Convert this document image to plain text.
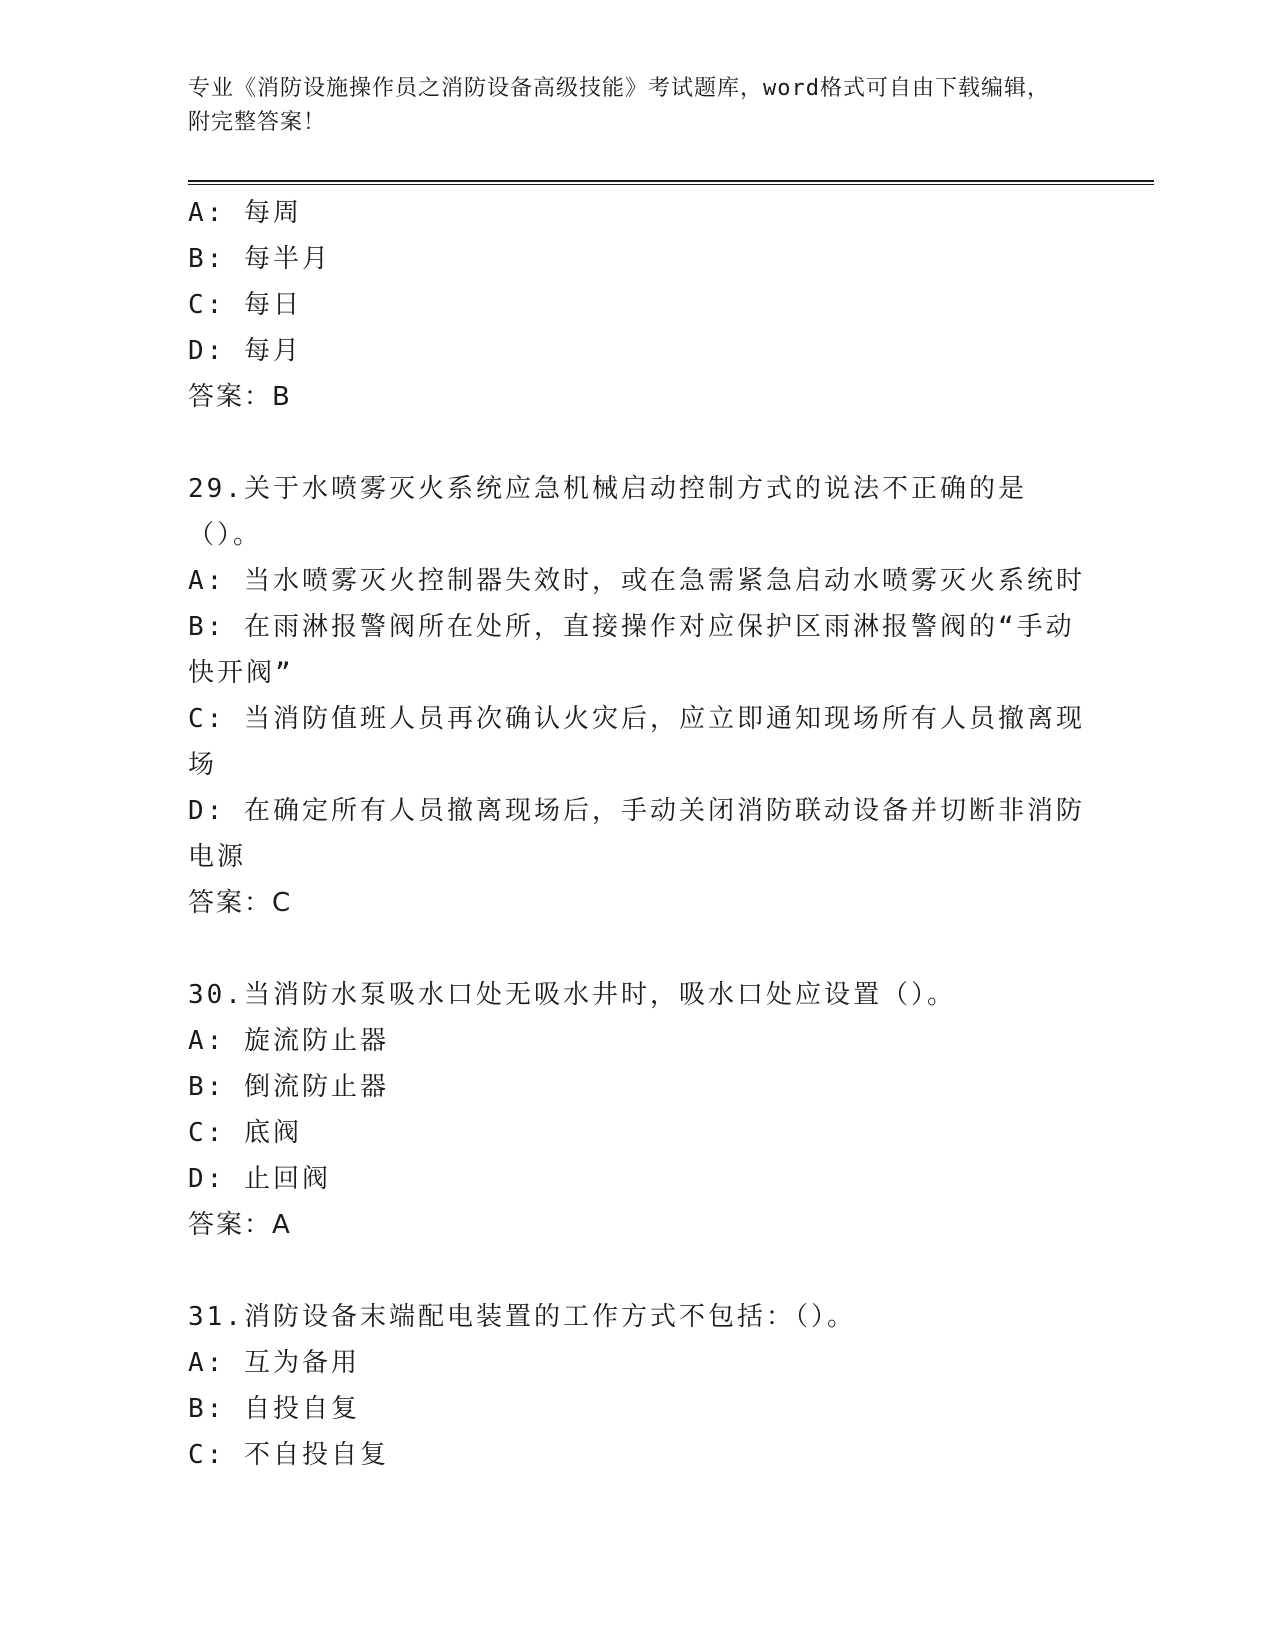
专业《消防设施操作员之消防设备高级技能》考试题库，word格式可自由下载编辑，附完整答案！
A: 每周
B: 每半月
C: 每日
D: 每月
答案：B
29.关于水喷雾灭火系统应急机械启动控制方式的说法不正确的是（）。
A: 当水喷雾灭火控制器失效时，或在急需紧急启动水喷雾灭火系统时
B: 在雨淋报警阀所在处所，直接操作对应保护区雨淋报警阀的“手动快开阀”
C: 当消防值班人员再次确认火灾后，应立即通知现场所有人员撤离现场
D: 在确定所有人员撤离现场后，手动关闭消防联动设备并切断非消防电源
答案：C
30.当消防水泵吸水口处无吸水井时，吸水口处应设置（）。
A: 旋流防止器
B: 倒流防止器
C: 底阀
D: 止回阀
答案：A
31.消防设备末端配电装置的工作方式不包括：（）。
A: 互为备用
B: 自投自复
C: 不自投自复
